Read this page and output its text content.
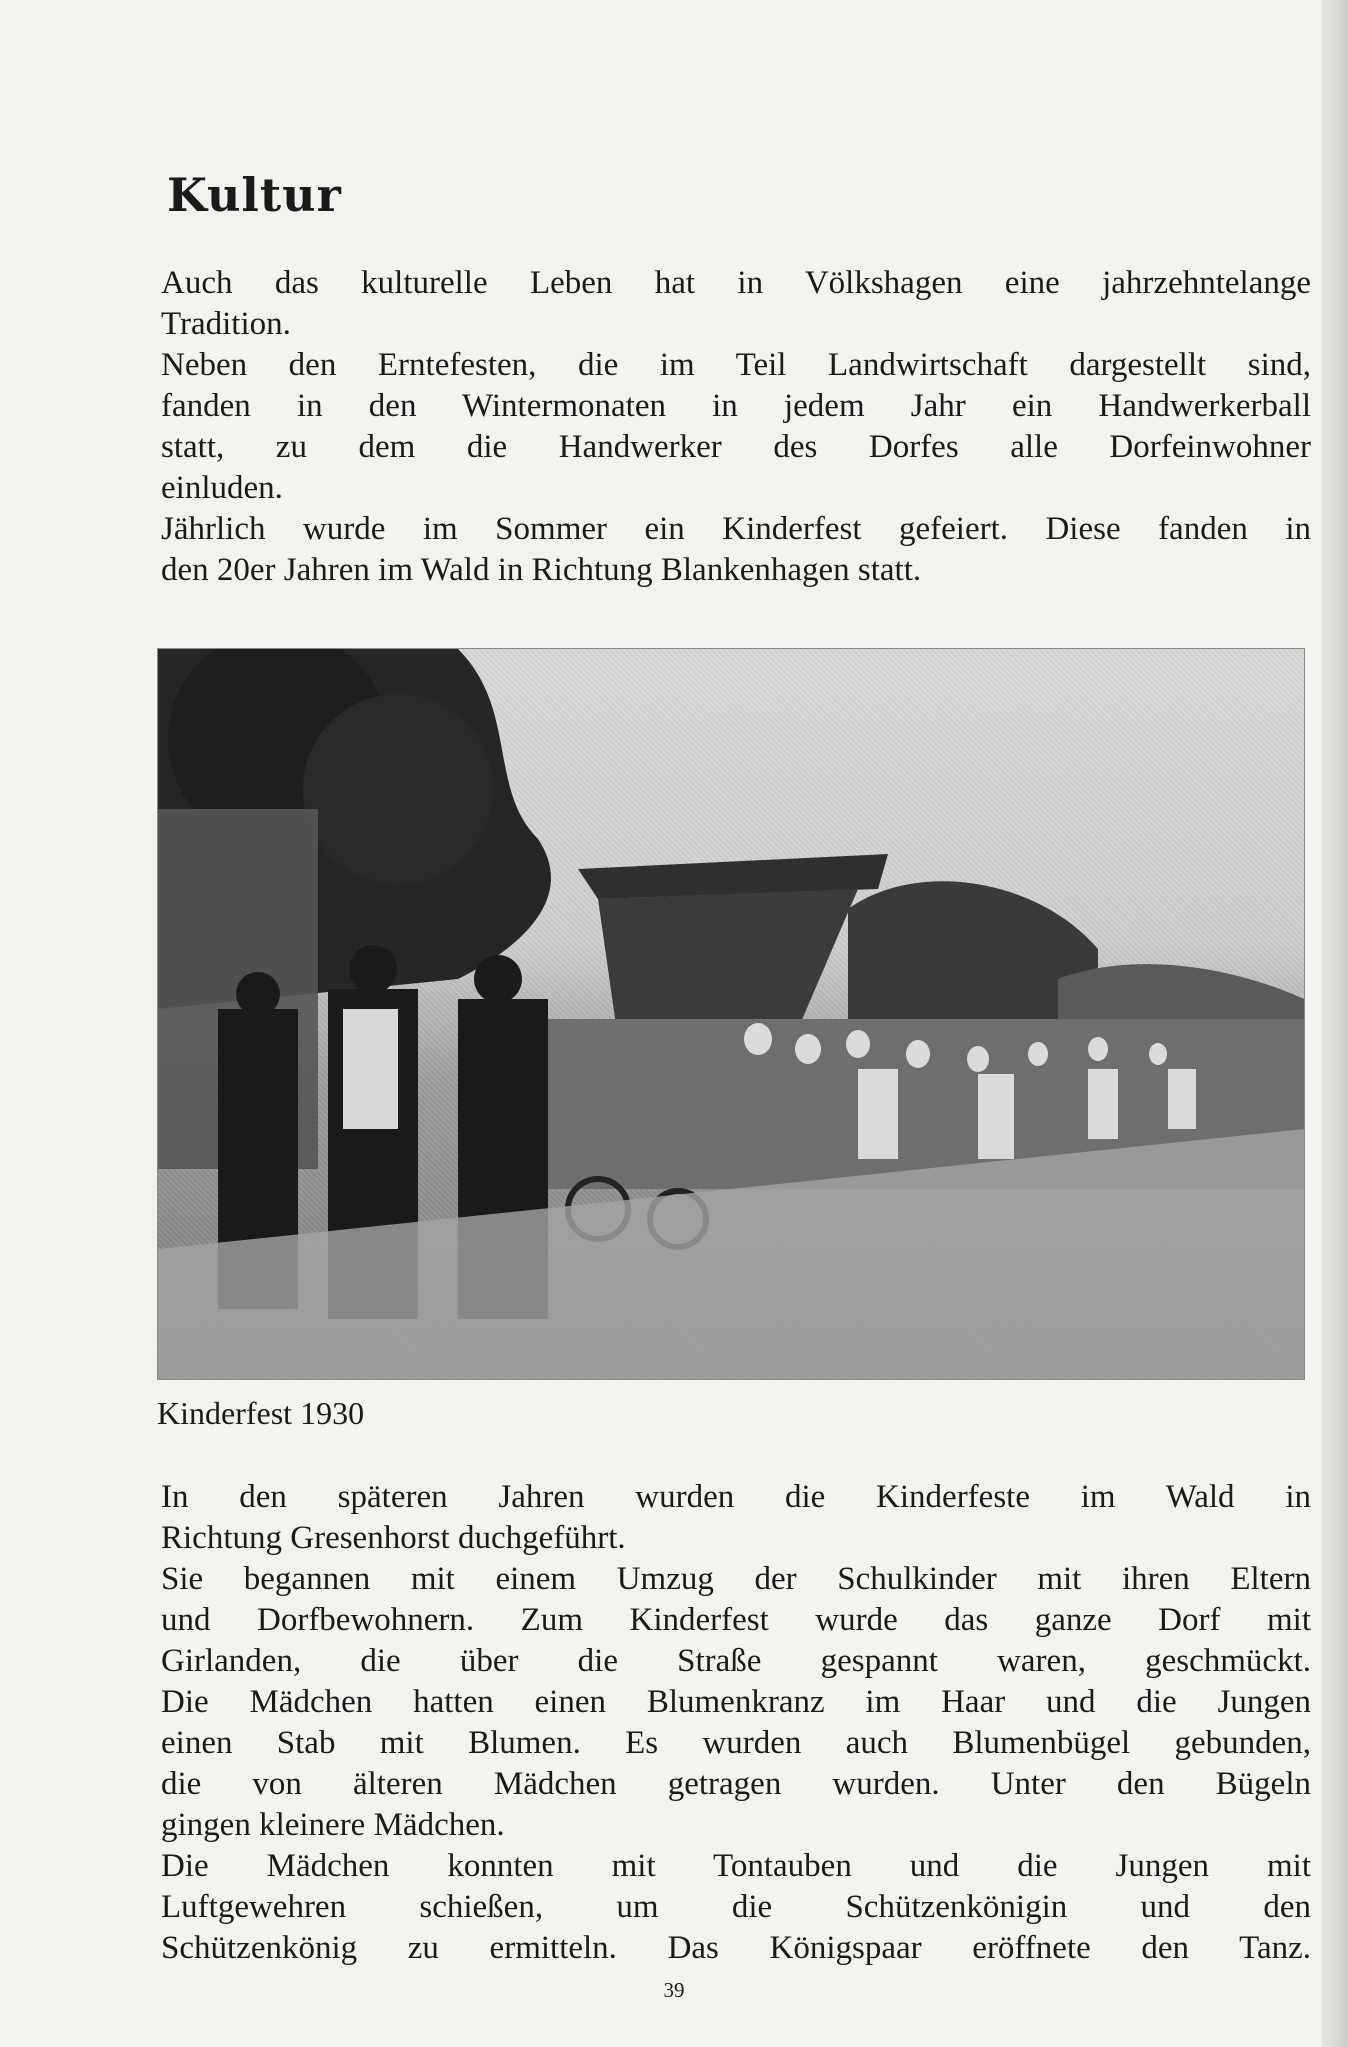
Kultur
Auch das kulturelle Leben hat in Völkshagen eine jahrzehntelange
Tradition.
Neben den Erntefesten, die im Teil Landwirtschaft dargestellt sind,
fanden in den Wintermonaten in jedem Jahr ein Handwerkerball
statt, zu dem die Handwerker des Dorfes alle Dorfeinwohner
einluden.
Jährlich wurde im Sommer ein Kinderfest gefeiert. Diese fanden in
den 20er Jahren im Wald in Richtung Blankenhagen statt.

Kinderfest 1930

In den späteren Jahren wurden die Kinderfeste im Wald in
Richtung Gresenhorst duchgeführt.
Sie begannen mit einem Umzug der Schulkinder mit ihren Eltern
und Dorfbewohnern. Zum Kinderfest wurde das ganze Dorf mit
Girlanden, die über die Straße gespannt waren, geschmückt.
Die Mädchen hatten einen Blumenkranz im Haar und die Jungen
einen Stab mit Blumen. Es wurden auch Blumenbügel gebunden,
die von älteren Mädchen getragen wurden. Unter den Bügeln
gingen kleinere Mädchen.
Die Mädchen konnten mit Tontauben und die Jungen mit
Luftgewehren schießen, um die Schützenkönigin und den
Schützenkönig zu ermitteln. Das Königspaar eröffnete den Tanz.
39
